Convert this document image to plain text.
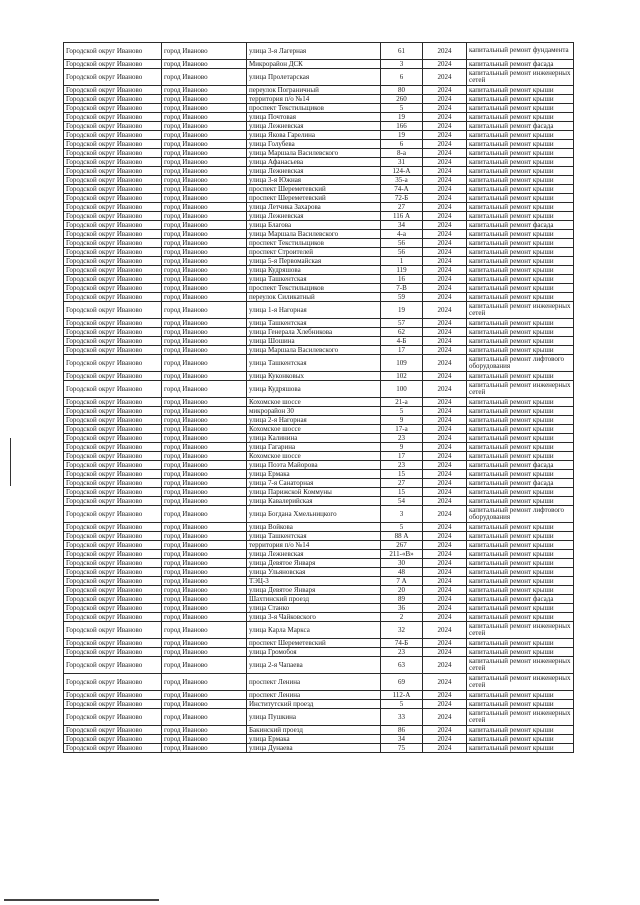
Городской округ Иваново	город Иваново	улица 3-я Лагерная	61	2024	капитальный ремонт фундамента
Городской округ Иваново	город Иваново	Микрорайон ДСК	3	2024	капитальный ремонт фасада
Городской округ Иваново	город Иваново	улица Пролетарская	6	2024	капитальный ремонт инженерных сетей
Городской округ Иваново	город Иваново	переулок Пограничный	80	2024	капитальный ремонт крыши
Городской округ Иваново	город Иваново	территория п/о №14	260	2024	капитальный ремонт крыши
Городской округ Иваново	город Иваново	проспект Текстильщиков	5	2024	капитальный ремонт крыши
Городской округ Иваново	город Иваново	улица Почтовая	19	2024	капитальный ремонт крыши
Городской округ Иваново	город Иваново	улица Лежневская	166	2024	капитальный ремонт фасада
Городской округ Иваново	город Иваново	улица Якова Гарелина	19	2024	капитальный ремонт крыши
Городской округ Иваново	город Иваново	улица Голубева	6	2024	капитальный ремонт крыши
Городской округ Иваново	город Иваново	улица Маршала Василевского	8-а	2024	капитальный ремонт крыши
Городской округ Иваново	город Иваново	улица Афанасьева	31	2024	капитальный ремонт крыши
Городской округ Иваново	город Иваново	улица Лежневская	124-А	2024	капитальный ремонт крыши
Городской округ Иваново	город Иваново	улица 3-я Южная	35-а	2024	капитальный ремонт крыши
Городской округ Иваново	город Иваново	проспект Шереметевский	74-А	2024	капитальный ремонт крыши
Городской округ Иваново	город Иваново	проспект Шереметевский	72-Б	2024	капитальный ремонт крыши
Городской округ Иваново	город Иваново	улица Летчика Захарова	27	2024	капитальный ремонт крыши
Городской округ Иваново	город Иваново	улица Лежневская	116 А	2024	капитальный ремонт крыши
Городской округ Иваново	город Иваново	улица Благова	34	2024	капитальный ремонт фасада
Городской округ Иваново	город Иваново	улица Маршала Василевского	4-а	2024	капитальный ремонт крыши
Городской округ Иваново	город Иваново	проспект Текстильщиков	56	2024	капитальный ремонт крыши
Городской округ Иваново	город Иваново	проспект Строителей	56	2024	капитальный ремонт крыши
Городской округ Иваново	город Иваново	улица 5-я Первомайская	1	2024	капитальный ремонт крыши
Городской округ Иваново	город Иваново	улица Кудряшова	119	2024	капитальный ремонт крыши
Городской округ Иваново	город Иваново	улица Ташкентская	16	2024	капитальный ремонт крыши
Городской округ Иваново	город Иваново	проспект Текстильщиков	7-В	2024	капитальный ремонт крыши
Городской округ Иваново	город Иваново	переулок Силикатный	59	2024	капитальный ремонт крыши
Городской округ Иваново	город Иваново	улица 1-я Нагорная	19	2024	капитальный ремонт инженерных сетей
Городской округ Иваново	город Иваново	улица Ташкентская	57	2024	капитальный ремонт крыши
Городской округ Иваново	город Иваново	улица Генерала Хлебникова	62	2024	капитальный ремонт крыши
Городской округ Иваново	город Иваново	улица Шошина	4-Б	2024	капитальный ремонт крыши
Городской округ Иваново	город Иваново	улица Маршала Василевского	17	2024	капитальный ремонт крыши
Городской округ Иваново	город Иваново	улица Ташкентская	109	2024	капитальный ремонт лифтового оборудования
Городской округ Иваново	город Иваново	улица Куконковых	102	2024	капитальный ремонт крыши
Городской округ Иваново	город Иваново	улица Кудряшова	100	2024	капитальный ремонт инженерных сетей
Городской округ Иваново	город Иваново	Кохомское шоссе	21-а	2024	капитальный ремонт крыши
Городской округ Иваново	город Иваново	микрорайон 30	5	2024	капитальный ремонт крыши
Городской округ Иваново	город Иваново	улица 2-я Нагорная	9	2024	капитальный ремонт крыши
Городской округ Иваново	город Иваново	Кохомское шоссе	17-а	2024	капитальный ремонт крыши
Городской округ Иваново	город Иваново	улица Калинина	23	2024	капитальный ремонт крыши
Городской округ Иваново	город Иваново	улица Гагарина	9	2024	капитальный ремонт крыши
Городской округ Иваново	город Иваново	Кохомское шоссе	17	2024	капитальный ремонт крыши
Городской округ Иваново	город Иваново	улица Поэта Майорова	23	2024	капитальный ремонт фасада
Городской округ Иваново	город Иваново	улица Ермака	15	2024	капитальный ремонт крыши
Городской округ Иваново	город Иваново	улица 7-я Санаторная	27	2024	капитальный ремонт фасада
Городской округ Иваново	город Иваново	улица Парижской Коммуны	15	2024	капитальный ремонт крыши
Городской округ Иваново	город Иваново	улица Кавалерийская	54	2024	капитальный ремонт крыши
Городской округ Иваново	город Иваново	улица Богдана Хмельницкого	3	2024	капитальный ремонт лифтового оборудования
Городской округ Иваново	город Иваново	улица Войкова	5	2024	капитальный ремонт крыши
Городской округ Иваново	город Иваново	улица Ташкентская	88 А	2024	капитальный ремонт крыши
Городской округ Иваново	город Иваново	территория п/о №14	267	2024	капитальный ремонт крыши
Городской округ Иваново	город Иваново	улица Лежневская	211-«В»	2024	капитальный ремонт крыши
Городской округ Иваново	город Иваново	улица Девятое Января	30	2024	капитальный ремонт крыши
Городской округ Иваново	город Иваново	улица Ульяновская	48	2024	капитальный ремонт крыши
Городской округ Иваново	город Иваново	ТЭЦ-3	7 А	2024	капитальный ремонт крыши
Городской округ Иваново	город Иваново	улица Девятое Января	20	2024	капитальный ремонт крыши
Городской округ Иваново	город Иваново	Шахтинский проезд	89	2024	капитальный ремонт фасада
Городской округ Иваново	город Иваново	улица Станко	36	2024	капитальный ремонт крыши
Городской округ Иваново	город Иваново	улица 3-я Чайковского	2	2024	капитальный ремонт крыши
Городской округ Иваново	город Иваново	улица Карла Маркса	32	2024	капитальный ремонт инженерных сетей
Городской округ Иваново	город Иваново	проспект Шереметевский	74-Б	2024	капитальный ремонт крыши
Городской округ Иваново	город Иваново	улица Громобоя	23	2024	капитальный ремонт крыши
Городской округ Иваново	город Иваново	улица 2-я Чапаева	63	2024	капитальный ремонт инженерных сетей
Городской округ Иваново	город Иваново	проспект Ленина	69	2024	капитальный ремонт инженерных сетей
Городской округ Иваново	город Иваново	проспект Ленина	112-А	2024	капитальный ремонт крыши
Городской округ Иваново	город Иваново	Институтский проезд	5	2024	капитальный ремонт крыши
Городской округ Иваново	город Иваново	улица Пушкина	33	2024	капитальный ремонт инженерных сетей
Городской округ Иваново	город Иваново	Бакинский проезд	86	2024	капитальный ремонт крыши
Городской округ Иваново	город Иваново	улица Ермака	34	2024	капитальный ремонт крыши
Городской округ Иваново	город Иваново	улица Дунаева	75	2024	капитальный ремонт крыши
